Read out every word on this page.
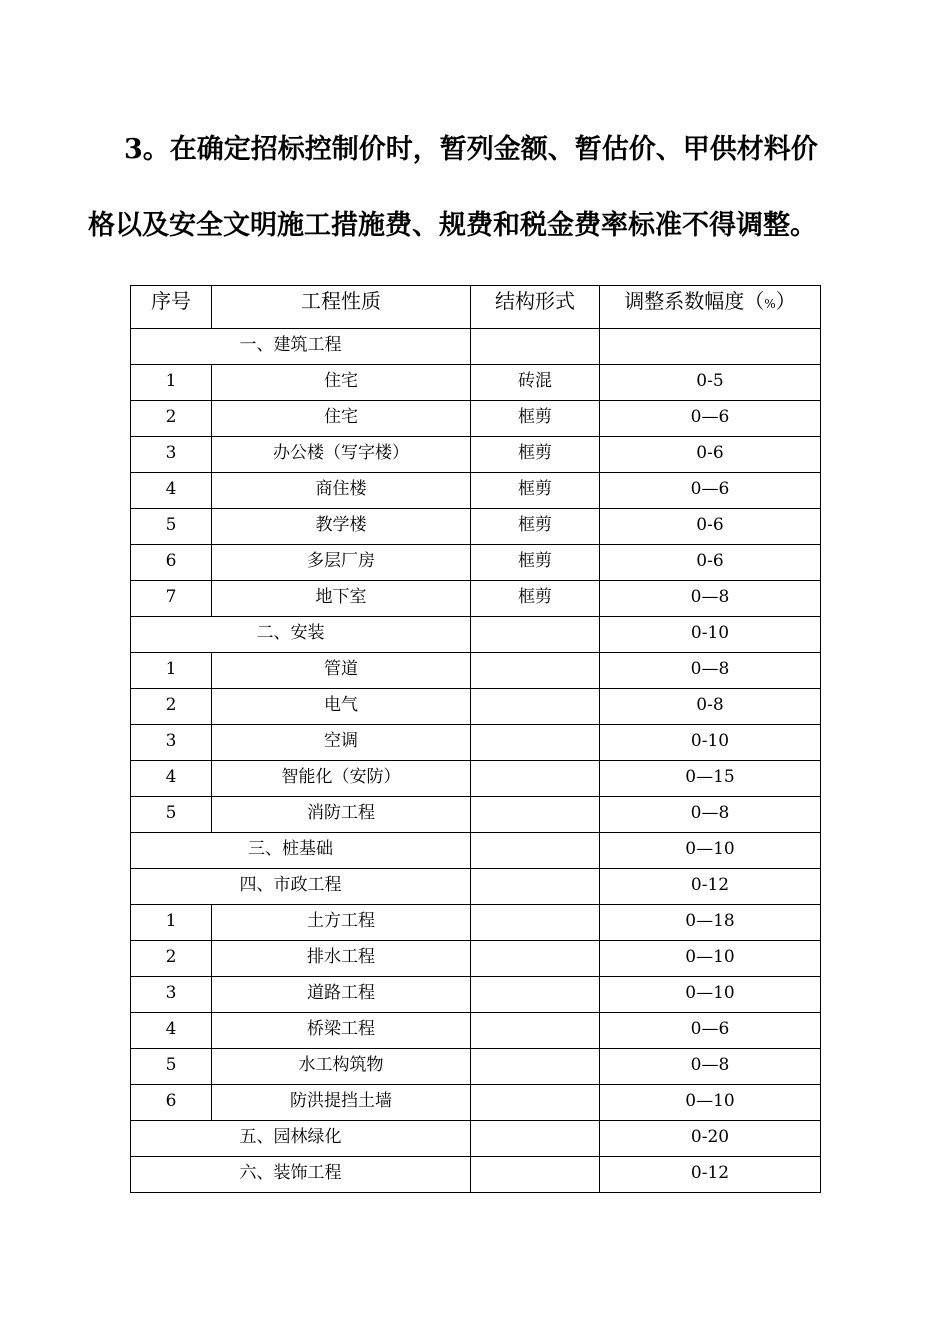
3。在确定招标控制价时，暂列金额、暂估价、甲供材料价
格以及安全文明施工措施费、规费和税金费率标准不得调整。
序号	工程性质	结构形式	调整系数幅度（%）
一、建筑工程			
1	住宅	砖混	0-5
2	住宅	框剪	0—6
3	办公楼（写字楼）	框剪	0-6
4	商住楼	框剪	0—6
5	教学楼	框剪	0-6
6	多层厂房	框剪	0-6
7	地下室	框剪	0—8
二、安装			0-10
1	管道		0—8
2	电气		0-8
3	空调		0-10
4	智能化（安防）		0—15
5	消防工程		0—8
三、桩基础			0—10
四、市政工程			0-12
1	土方工程		0—18
2	排水工程		0—10
3	道路工程		0—10
4	桥梁工程		0—6
5	水工构筑物		0—8
6	防洪提挡土墙		0—10
五、园林绿化			0-20
六、装饰工程			0-12
